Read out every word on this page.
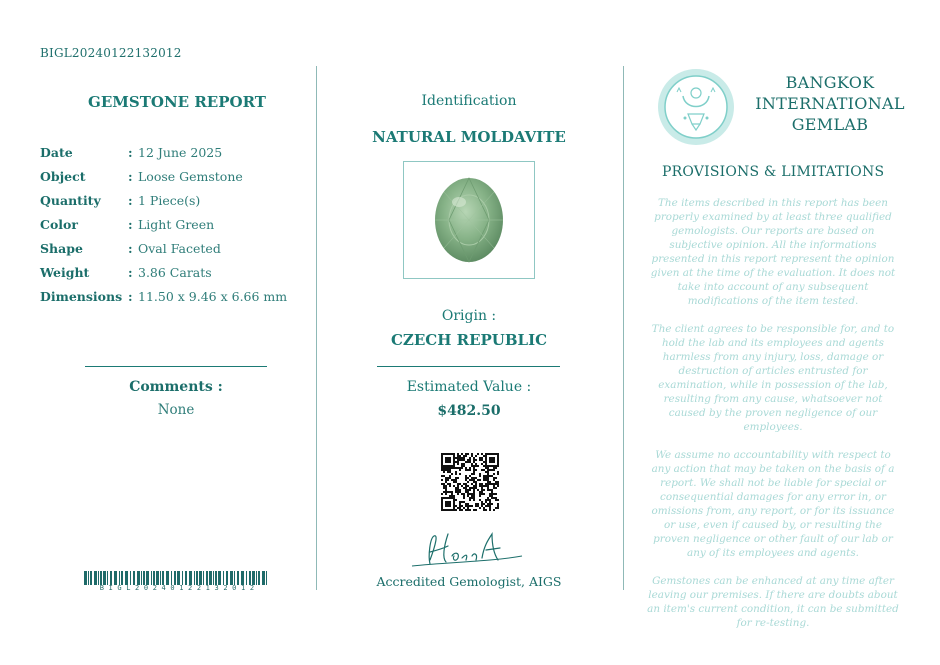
BIGL20240122132012
GEMSTONE REPORT
Date	: 12 June 2025
Object	: Loose Gemstone
Quantity	: 1 Piece(s)
Color	: Light Green
Shape	: Oval Faceted
Weight	: 3.86 Carats
Dimensions : 11.50 x 9.46 x 6.66 mm
Comments :
None
B I G L 2 0 2 4 0 1 2 2 1 3 2 0 1 2
Identification
NATURAL MOLDAVITE
Origin :
CZECH REPUBLIC
Estimated Value :
$482.50
Accredited Gemologist, AIGS
BANGKOK
INTERNATIONAL
GEMLAB
PROVISIONS & LIMITATIONS

The items described in this report has been properly examined by at least three qualified gemologists. Our reports are based on subjective opinion. All the informations presented in this report represent the opinion given at the time of the evaluation. It does not take into account of any subsequent modifications of the item tested.

The client agrees to be responsible for, and to hold the lab and its employees and agents harmless from any injury, loss, damage or destruction of articles entrusted for examination, while in possession of the lab, resulting from any cause, whatsoever not caused by the proven negligence of our employees.

We assume no accountability with respect to any action that may be taken on the basis of a report. We shall not be liable for special or consequential damages for any error in, or omissions from, any report, or for its issuance or use, even if caused by, or resulting the proven negligence or other fault of our lab or any of its employees and agents.

Gemstones can be enhanced at any time after leaving our premises. If there are doubts about an item's current condition, it can be submitted for re-testing.
